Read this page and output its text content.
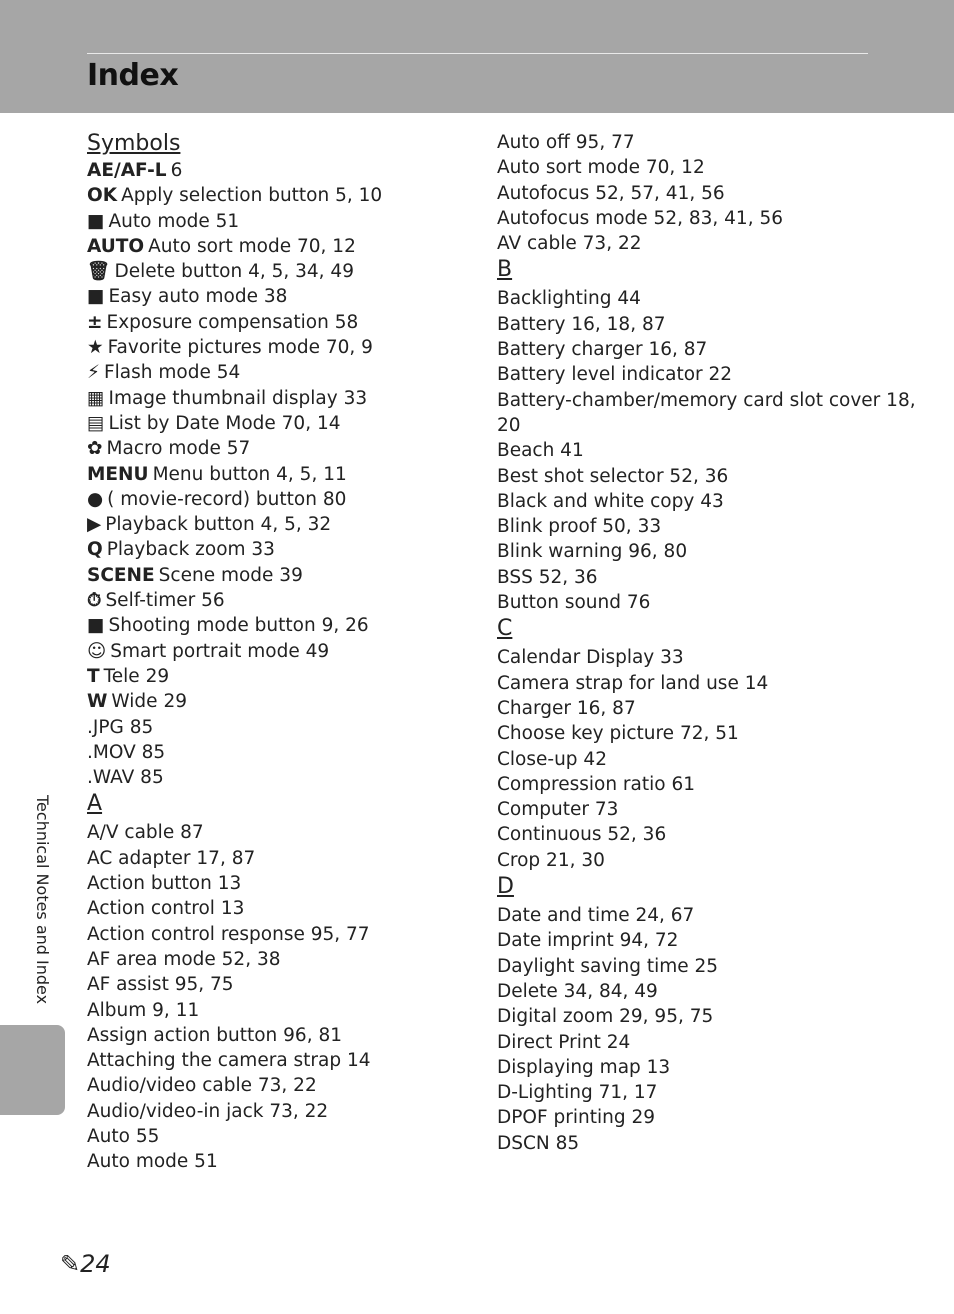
Index
Symbols
AE/AF-L 6
OK Apply selection button 5, 10
■ Auto mode 51
AUTO Auto sort mode 70, 12
🗑 Delete button 4, 5, 34, 49
■ Easy auto mode 38
± Exposure compensation 58
★ Favorite pictures mode 70, 9
⚡ Flash mode 54
▦ Image thumbnail display 33
▤ List by Date Mode 70, 14
✿ Macro mode 57
MENU Menu button 4, 5, 11
● ( movie-record) button 80
▶ Playback button 4, 5, 32
Q Playback zoom 33
SCENE Scene mode 39
⏱ Self-timer 56
■ Shooting mode button 9, 26
☺ Smart portrait mode 49
T Tele 29
W Wide 29
.JPG 85
.MOV 85
.WAV 85
A
A/V cable 87
AC adapter 17, 87
Action button 13
Action control 13
Action control response 95, 77
AF area mode 52, 38
AF assist 95, 75
Album 9, 11
Assign action button 96, 81
Attaching the camera strap 14
Audio/video cable 73, 22
Audio/video-in jack 73, 22
Auto 55
Auto mode 51
Auto off 95, 77
Auto sort mode 70, 12
Autofocus 52, 57, 41, 56
Autofocus mode 52, 83, 41, 56
AV cable 73, 22
B
Backlighting 44
Battery 16, 18, 87
Battery charger 16, 87
Battery level indicator 22
Battery-chamber/memory card slot cover 18, 20
Beach 41
Best shot selector 52, 36
Black and white copy 43
Blink proof 50, 33
Blink warning 96, 80
BSS 52, 36
Button sound 76
C
Calendar Display 33
Camera strap for land use 14
Charger 16, 87
Choose key picture 72, 51
Close-up 42
Compression ratio 61
Computer 73
Continuous 52, 36
Crop 21, 30
D
Date and time 24, 67
Date imprint 94, 72
Daylight saving time 25
Delete 34, 84, 49
Digital zoom 29, 95, 75
Direct Print 24
Displaying map 13
D-Lighting 71, 17
DPOF printing 29
DSCN 85
Technical Notes and Index
✎24
